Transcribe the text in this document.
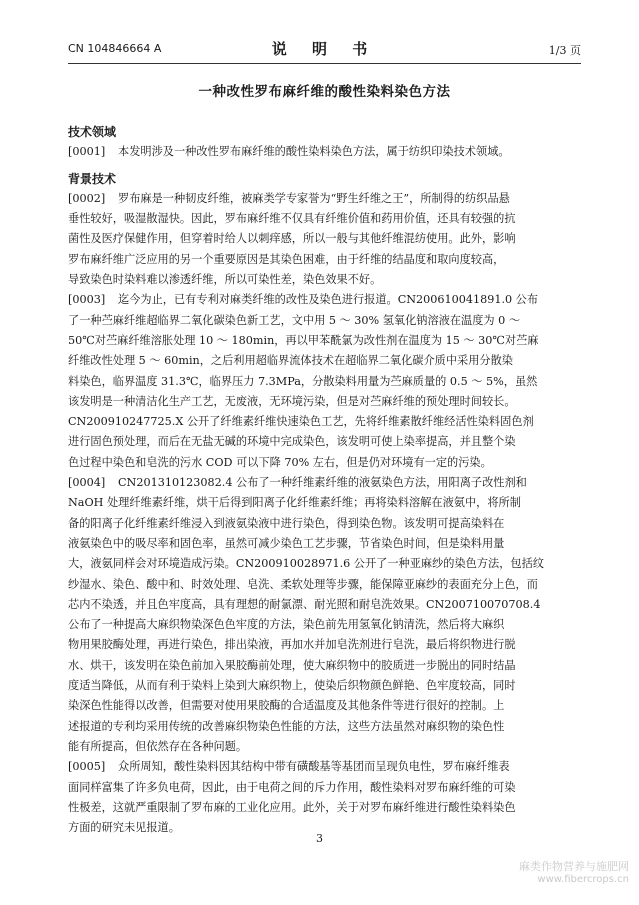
CN 104846664 A	说 明 书	1/3 页
一种改性罗布麻纤维的酸性染料染色方法
技术领域
[0001] 本发明涉及一种改性罗布麻纤维的酸性染料染色方法，属于纺织印染技术领域。
背景技术
[0002] 罗布麻是一种韧皮纤维，被麻类学专家誉为“野生纤维之王”，所制得的纺织品悬
垂性较好，吸湿散湿快。因此，罗布麻纤维不仅具有纤维价值和药用价值，还具有较强的抗
菌性及医疗保健作用，但穿着时给人以刺痒感，所以一般与其他纤维混纺使用。此外，影响
罗布麻纤维广泛应用的另一个重要原因是其染色困难，由于纤维的结晶度和取向度较高，
导致染色时染料难以渗透纤维，所以可染性差，染色效果不好。
[0003] 迄今为止，已有专利对麻类纤维的改性及染色进行报道。CN200610041891.0 公布
了一种苎麻纤维超临界二氧化碳染色新工艺，文中用 5 ～ 30% 氢氧化钠溶液在温度为 0 ～
50℃对苎麻纤维溶胀处理 10 ～ 180min，再以甲苯酰氯为改性剂在温度为 15 ～ 30℃对苎麻
纤维改性处理 5 ～ 60min，之后利用超临界流体技术在超临界二氧化碳介质中采用分散染
料染色，临界温度 31.3℃，临界压力 7.3MPa，分散染料用量为苎麻质量的 0.5 ～ 5%，虽然
该发明是一种清洁化生产工艺，无废液，无环境污染，但是对苎麻纤维的预处理时间较长。
CN200910247725.X 公开了纤维素纤维快速染色工艺，先将纤维素散纤维经活性染料固色剂
进行固色预处理，而后在无盐无碱的环境中完成染色，该发明可使上染率提高，并且整个染
色过程中染色和皂洗的污水 COD 可以下降 70% 左右，但是仍对环境有一定的污染。
[0004] CN201310123082.4 公布了一种纤维素纤维的液氨染色方法，用阳离子改性剂和
NaOH 处理纤维素纤维，烘干后得到阳离子化纤维素纤维；再将染料溶解在液氨中，将所制
备的阳离子化纤维素纤维浸入到液氨染液中进行染色，得到染色物。该发明可提高染料在
液氨染色中的吸尽率和固色率，虽然可减少染色工艺步骤，节省染色时间，但是染料用量
大，液氨同样会对环境造成污染。CN200910028971.6 公开了一种亚麻纱的染色方法，包括纹
纱湿水、染色、酸中和、时效处理、皂洗、柔软处理等步骤，能保障亚麻纱的表面充分上色，而
芯内不染透，并且色牢度高，具有理想的耐氯漂、耐光照和耐皂洗效果。CN200710070708.4
公布了一种提高大麻织物染深色色牢度的方法，染色前先用氢氧化钠清洗，然后将大麻织
物用果胶酶处理，再进行染色，排出染液，再加水并加皂洗剂进行皂洗，最后将织物进行脱
水、烘干，该发明在染色前加入果胶酶前处理，使大麻织物中的胶质进一步脱出的同时结晶
度适当降低，从而有利于染料上染到大麻织物上，使染后织物颜色鲜艳、色牢度较高，同时
染深色性能得以改善，但需要对使用果胶酶的合适温度及其他条件等进行很好的控制。上
述报道的专利均采用传统的改善麻织物染色性能的方法，这些方法虽然对麻织物的染色性
能有所提高，但依然存在各种问题。
[0005] 众所周知，酸性染料因其结构中带有磺酸基等基团而呈现负电性，罗布麻纤维表
面同样富集了许多负电荷，因此，由于电荷之间的斥力作用，酸性染料对罗布麻纤维的可染
性极差，这就严重限制了罗布麻的工业化应用。此外，关于对罗布麻纤维进行酸性染料染色
方面的研究未见报道。
3
麻类作物营养与施肥网
www.fibercrops.cn
